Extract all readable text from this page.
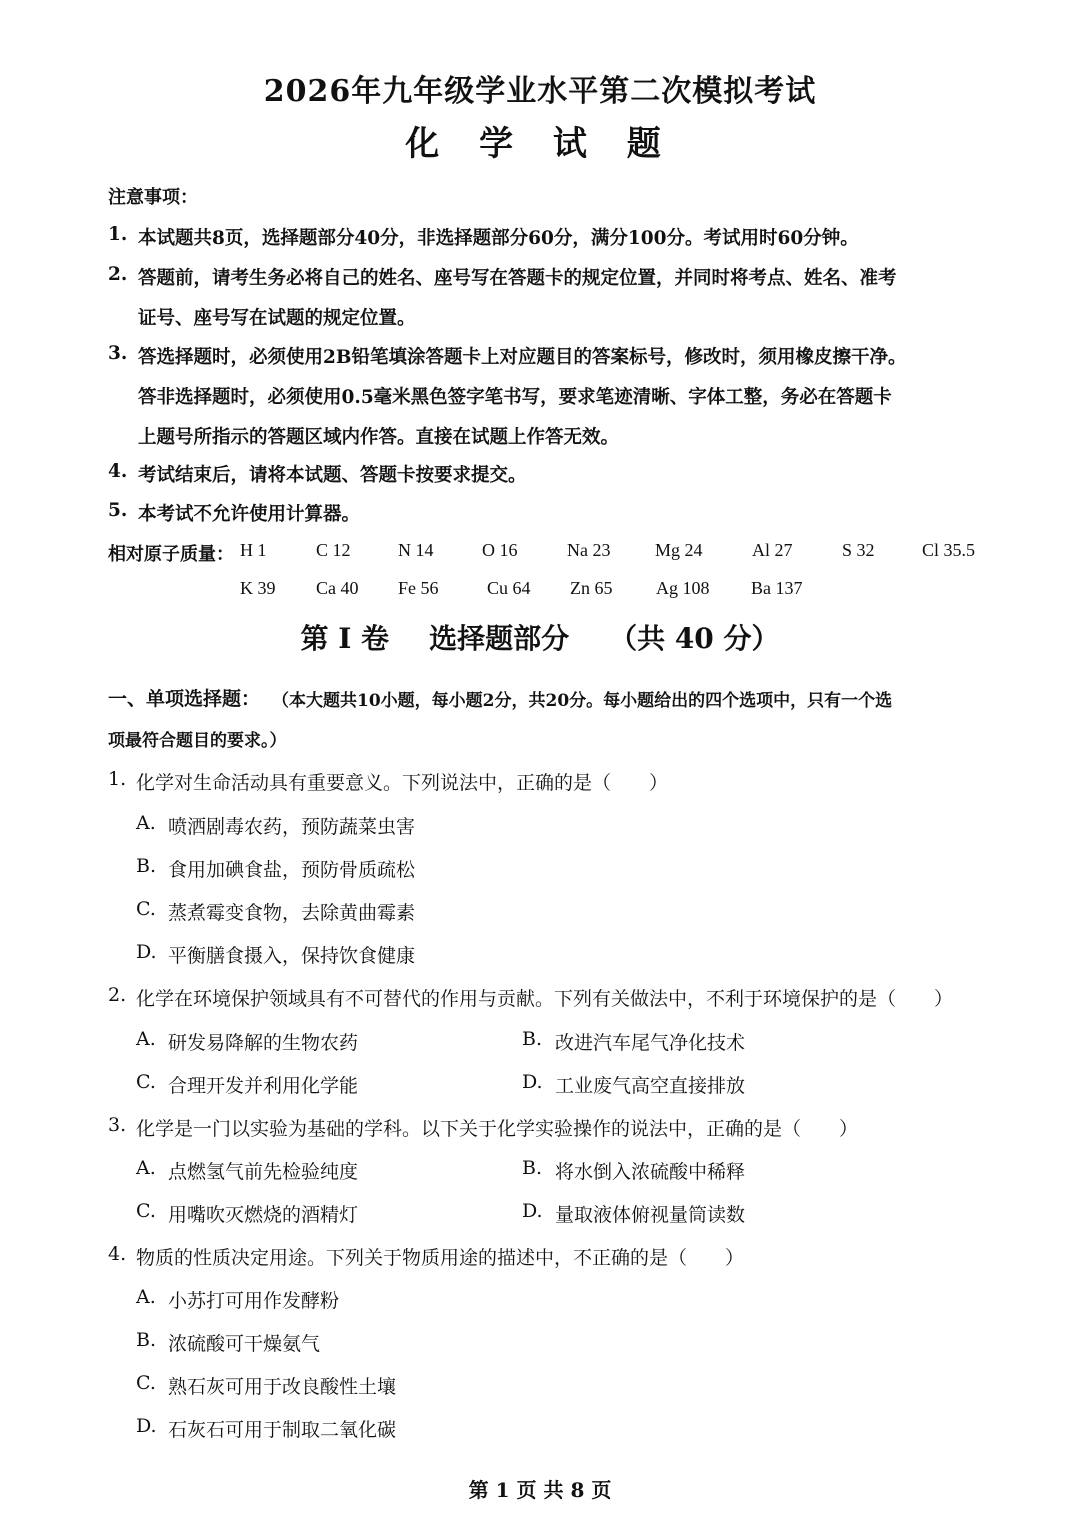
2026年九年级学业水平第二次模拟考试
化 学 试 题
注意事项：
1. 本试题共8页，选择题部分40分，非选择题部分60分，满分100分。考试用时60分钟。
2. 答题前，请考生务必将自己的姓名、座号写在答题卡的规定位置，并同时将考点、姓名、准考
证号、座号写在试题的规定位置。
3. 答选择题时，必须使用2B铅笔填涂答题卡上对应题目的答案标号，修改时，须用橡皮擦干净。
答非选择题时，必须使用0.5毫米黑色签字笔书写，要求笔迹清晰、字体工整，务必在答题卡
上题号所指示的答题区域内作答。直接在试题上作答无效。
4. 考试结束后，请将本试题、答题卡按要求提交。
5. 本考试不允许使用计算器。
相对原子质量： H 1	C 12	N 14	O 16	Na 23 Mg 24	Al 27	S 32	Cl 35.5
K 39 Ca 40 Fe 56	Cu 64 Zn 65 Ag 108 Ba 137
第 I 卷 选择题部分 （共 40 分）
一、单项选择题： （本大题共10小题，每小题2分，共20分。每小题给出的四个选项中，只有一个选
项最符合题目的要求。）
1. 化学对生命活动具有重要意义。下列说法中，正确的是（　　）
A. 喷洒剧毒农药，预防蔬菜虫害
B. 食用加碘食盐，预防骨质疏松
C. 蒸煮霉变食物，去除黄曲霉素
D. 平衡膳食摄入，保持饮食健康
2. 化学在环境保护领域具有不可替代的作用与贡献。下列有关做法中，不利于环境保护的是（　　）
A. 研发易降解的生物农药	B. 改进汽车尾气净化技术
C. 合理开发并利用化学能	D. 工业废气高空直接排放
3. 化学是一门以实验为基础的学科。以下关于化学实验操作的说法中，正确的是（　　）
A. 点燃氢气前先检验纯度	B. 将水倒入浓硫酸中稀释
C. 用嘴吹灭燃烧的酒精灯	D. 量取液体俯视量筒读数
4. 物质的性质决定用途。下列关于物质用途的描述中，不正确的是（　　）
A. 小苏打可用作发酵粉
B. 浓硫酸可干燥氨气
C. 熟石灰可用于改良酸性土壤
D. 石灰石可用于制取二氧化碳
第 1 页 共 8 页
